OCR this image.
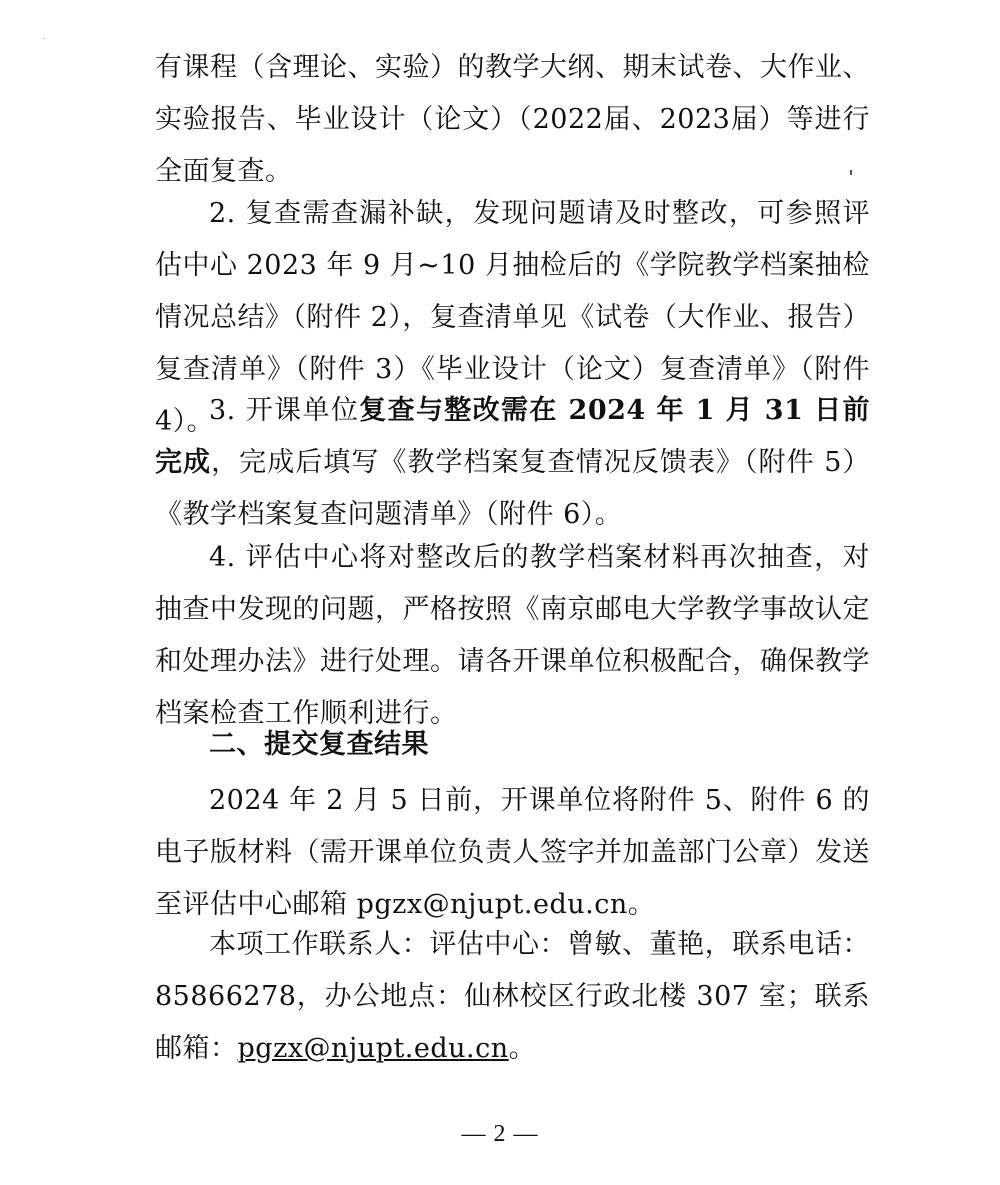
有课程（含理论、实验）的教学大纲、期末试卷、大作业、实验报告、毕业设计（论文）（2022届、2023届）等进行全面复查。

2. 复查需查漏补缺，发现问题请及时整改，可参照评估中心 2023 年 9 月~10 月抽检后的《学院教学档案抽检情况总结》（附件 2），复查清单见《试卷（大作业、报告）复查清单》（附件 3）《毕业设计（论文）复查清单》（附件 4）。

3. 开课单位复查与整改需在 2024 年 1 月 31 日前完成，完成后填写《教学档案复查情况反馈表》（附件 5）《教学档案复查问题清单》（附件 6）。

4. 评估中心将对整改后的教学档案材料再次抽查，对抽查中发现的问题，严格按照《南京邮电大学教学事故认定和处理办法》进行处理。请各开课单位积极配合，确保教学档案检查工作顺利进行。

二、提交复查结果

2024 年 2 月 5 日前，开课单位将附件 5、附件 6 的电子版材料（需开课单位负责人签字并加盖部门公章）发送至评估中心邮箱 pgzx@njupt.edu.cn。

本项工作联系人：评估中心：曾敏、董艳，联系电话：85866278，办公地点：仙林校区行政北楼 307 室；联系邮箱：pgzx@njupt.edu.cn。

— 2 —
